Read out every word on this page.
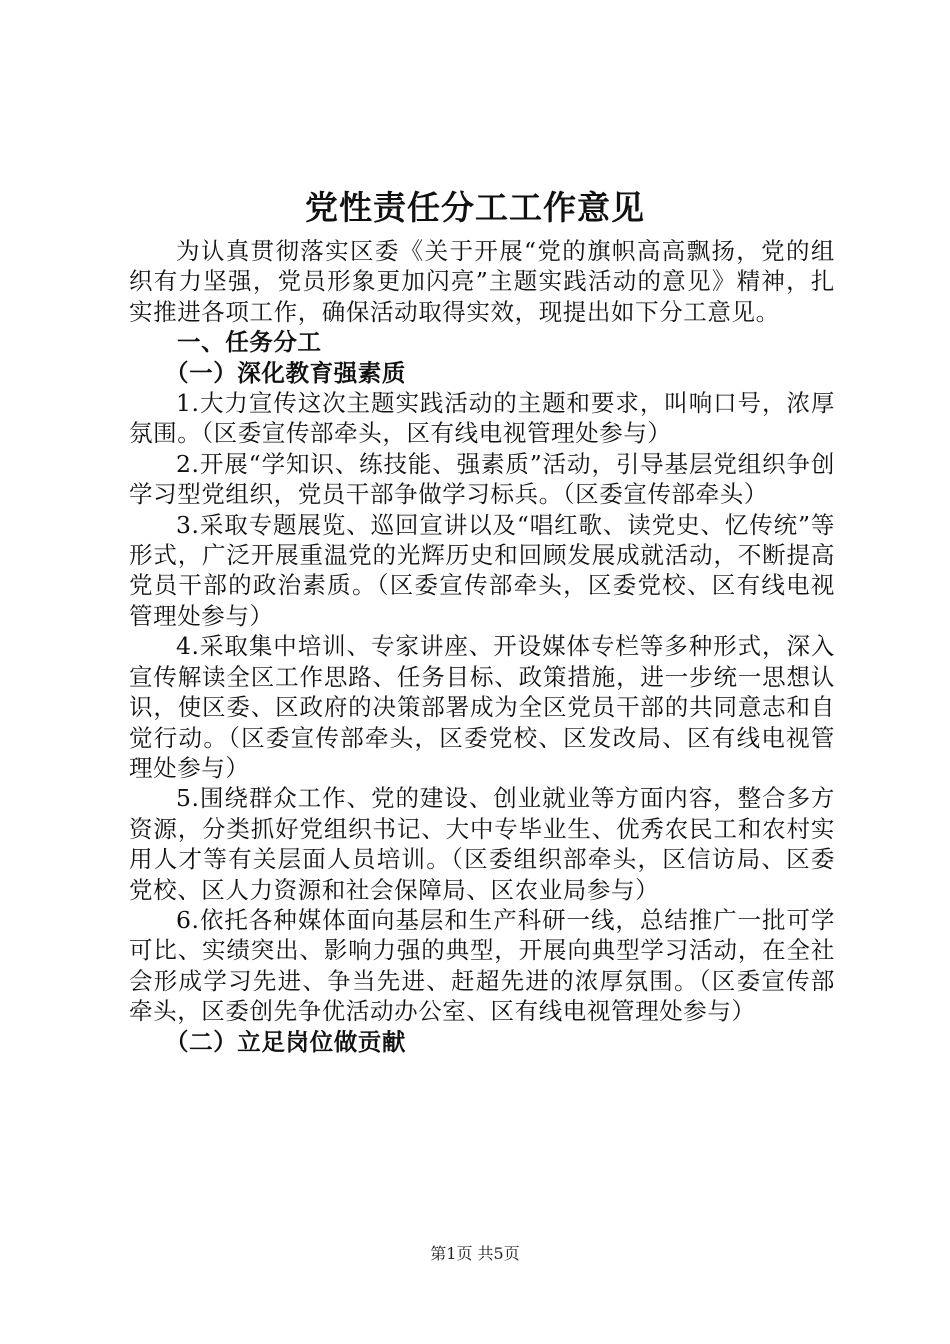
党性责任分工工作意见

为认真贯彻落实区委《关于开展“党的旗帜高高飘扬，党的组织有力坚强，党员形象更加闪亮”主题实践活动的意见》精神，扎实推进各项工作，确保活动取得实效，现提出如下分工意见。

一、任务分工
（一）深化教育强素质

1.大力宣传这次主题实践活动的主题和要求，叫响口号，浓厚氛围。（区委宣传部牵头，区有线电视管理处参与）

2.开展“学知识、练技能、强素质”活动，引导基层党组织争创学习型党组织，党员干部争做学习标兵。（区委宣传部牵头）

3.采取专题展览、巡回宣讲以及“唱红歌、读党史、忆传统”等形式，广泛开展重温党的光辉历史和回顾发展成就活动，不断提高党员干部的政治素质。（区委宣传部牵头，区委党校、区有线电视管理处参与）

4.采取集中培训、专家讲座、开设媒体专栏等多种形式，深入宣传解读全区工作思路、任务目标、政策措施，进一步统一思想认识，使区委、区政府的决策部署成为全区党员干部的共同意志和自觉行动。（区委宣传部牵头，区委党校、区发改局、区有线电视管理处参与）

5.围绕群众工作、党的建设、创业就业等方面内容，整合多方资源，分类抓好党组织书记、大中专毕业生、优秀农民工和农村实用人才等有关层面人员培训。（区委组织部牵头，区信访局、区委党校、区人力资源和社会保障局、区农业局参与）

6.依托各种媒体面向基层和生产科研一线，总结推广一批可学可比、实绩突出、影响力强的典型，开展向典型学习活动，在全社会形成学习先进、争当先进、赶超先进的浓厚氛围。（区委宣传部牵头，区委创先争优活动办公室、区有线电视管理处参与）

（二）立足岗位做贡献
第1页 共5页
